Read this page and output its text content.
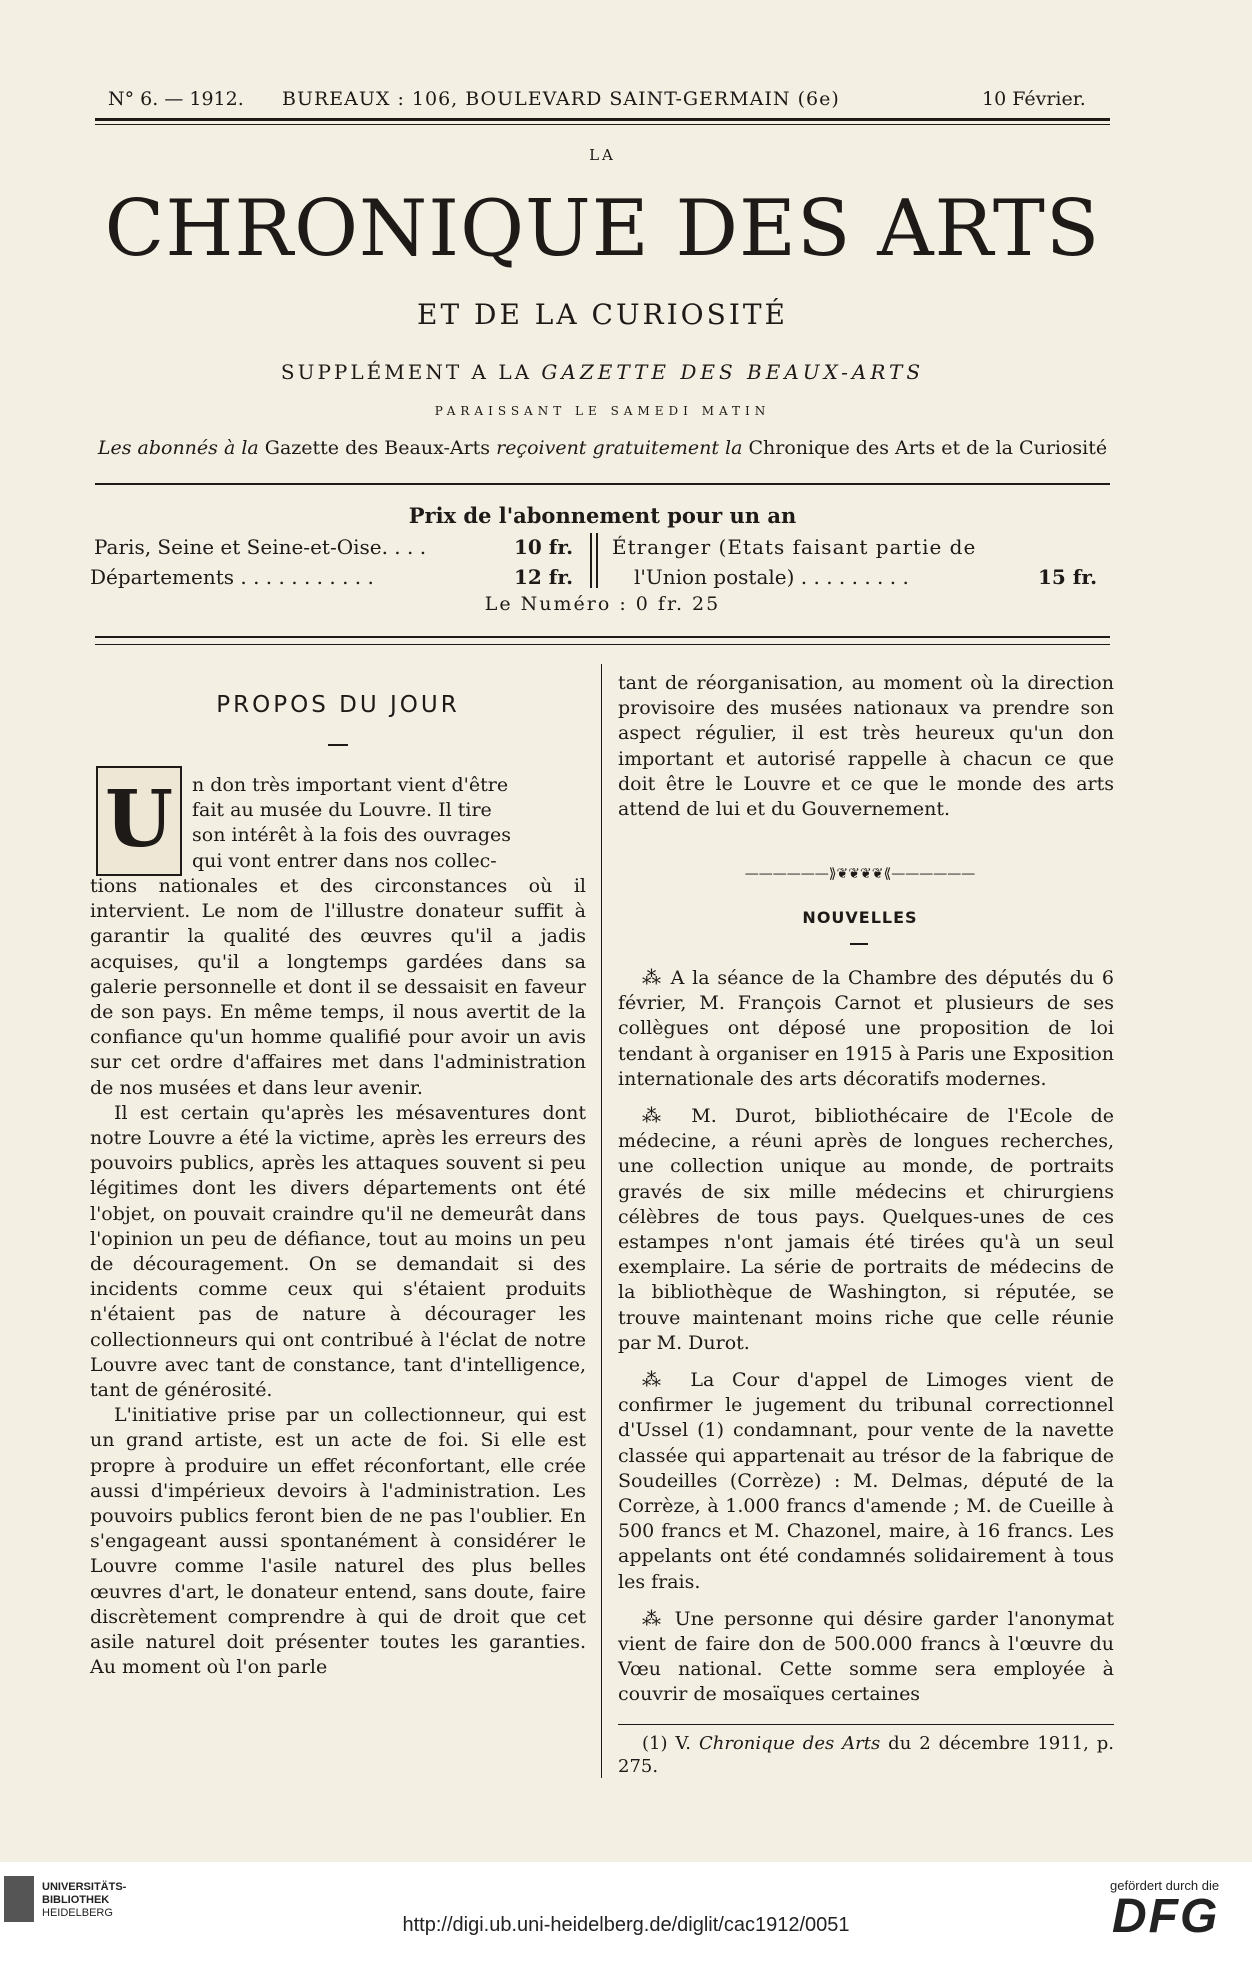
N° 6. — 1912. BUREAUX : 106, BOULEVARD SAINT-GERMAIN (6e)	10 Février.
LA
CHRONIQUE DES ARTS
ET DE LA CURIOSITÉ
SUPPLÉMENT A LA GAZETTE DES BEAUX-ARTS
PARAISSANT LE SAMEDI MATIN
Les abonnés à la Gazette des Beaux-Arts reçoivent gratuitement la Chronique des Arts et de la Curiosité
Prix de l'abonnement pour un an
Paris, Seine et Seine-et-Oise. . . .	10 fr.
Départements . . . . . . . . . . .	12 fr.
Étranger (Etats faisant partie de
l'Union postale) . . . . . . . . .	15 fr.
Le Numéro : 0 fr. 25
PROPOS DU JOUR
U n don très important vient d'être

fait au musée du Louvre. Il tire

son intérêt à la fois des ouvrages

qui vont entrer dans nos collec-

tions nationales et des circonstances où il intervient. Le nom de l'illustre donateur suffit à garantir la qualité des œuvres qu'il a jadis acquises, qu'il a longtemps gardées dans sa galerie personnelle et dont il se dessaisit en faveur de son pays. En même temps, il nous avertit de la confiance qu'un homme qualifié pour avoir un avis sur cet ordre d'affaires met dans l'administration de nos musées et dans leur avenir.

Il est certain qu'après les mésaventures dont notre Louvre a été la victime, après les erreurs des pouvoirs publics, après les attaques souvent si peu légitimes dont les divers départements ont été l'objet, on pouvait craindre qu'il ne demeurât dans l'opinion un peu de défiance, tout au moins un peu de découragement. On se demandait si des incidents comme ceux qui s'étaient produits n'étaient pas de nature à décourager les collectionneurs qui ont contribué à l'éclat de notre Louvre avec tant de constance, tant d'intelligence, tant de générosité.

L'initiative prise par un collectionneur, qui est un grand artiste, est un acte de foi. Si elle est propre à produire un effet réconfortant, elle crée aussi d'impérieux devoirs à l'administration. Les pouvoirs publics feront bien de ne pas l'oublier. En s'engageant aussi spontanément à considérer le Louvre comme l'asile naturel des plus belles œuvres d'art, le donateur entend, sans doute, faire discrètement comprendre à qui de droit que cet asile naturel doit présenter toutes les garanties. Au moment où l'on parle

tant de réorganisation, au moment où la direction provisoire des musées nationaux va prendre son aspect régulier, il est très heureux qu'un don important et autorisé rappelle à chacun ce que doit être le Louvre et ce que le monde des arts attend de lui et du Gouvernement.

——————⟫❦❦❦❦⟪——————
NOUVELLES

⁂ A la séance de la Chambre des députés du 6 février, M. François Carnot et plusieurs de ses collègues ont déposé une proposition de loi tendant à organiser en 1915 à Paris une Exposition internationale des arts décoratifs modernes.

⁂ M. Durot, bibliothécaire de l'Ecole de médecine, a réuni après de longues recherches, une collection unique au monde, de portraits gravés de six mille médecins et chirurgiens célèbres de tous pays. Quelques-unes de ces estampes n'ont jamais été tirées qu'à un seul exemplaire. La série de portraits de médecins de la bibliothèque de Washington, si réputée, se trouve maintenant moins riche que celle réunie par M. Durot.

⁂ La Cour d'appel de Limoges vient de confirmer le jugement du tribunal correctionnel d'Ussel (1) condamnant, pour vente de la navette classée qui appartenait au trésor de la fabrique de Soudeilles (Corrèze) : M. Delmas, député de la Corrèze, à 1.000 francs d'amende ; M. de Cueille à 500 francs et M. Chazonel, maire, à 16 francs. Les appelants ont été condamnés solidairement à tous les frais.

⁂ Une personne qui désire garder l'anonymat vient de faire don de 500.000 francs à l'œuvre du Vœu national. Cette somme sera employée à couvrir de mosaïques certaines

(1) V. Chronique des Arts du 2 décembre 1911, p. 275.

UNIVERSITÄTS-
BIBLIOTHEK
HEIDELBERG
http://digi.ub.uni-heidelberg.de/diglit/cac1912/0051
gefördert durch die
DFG
